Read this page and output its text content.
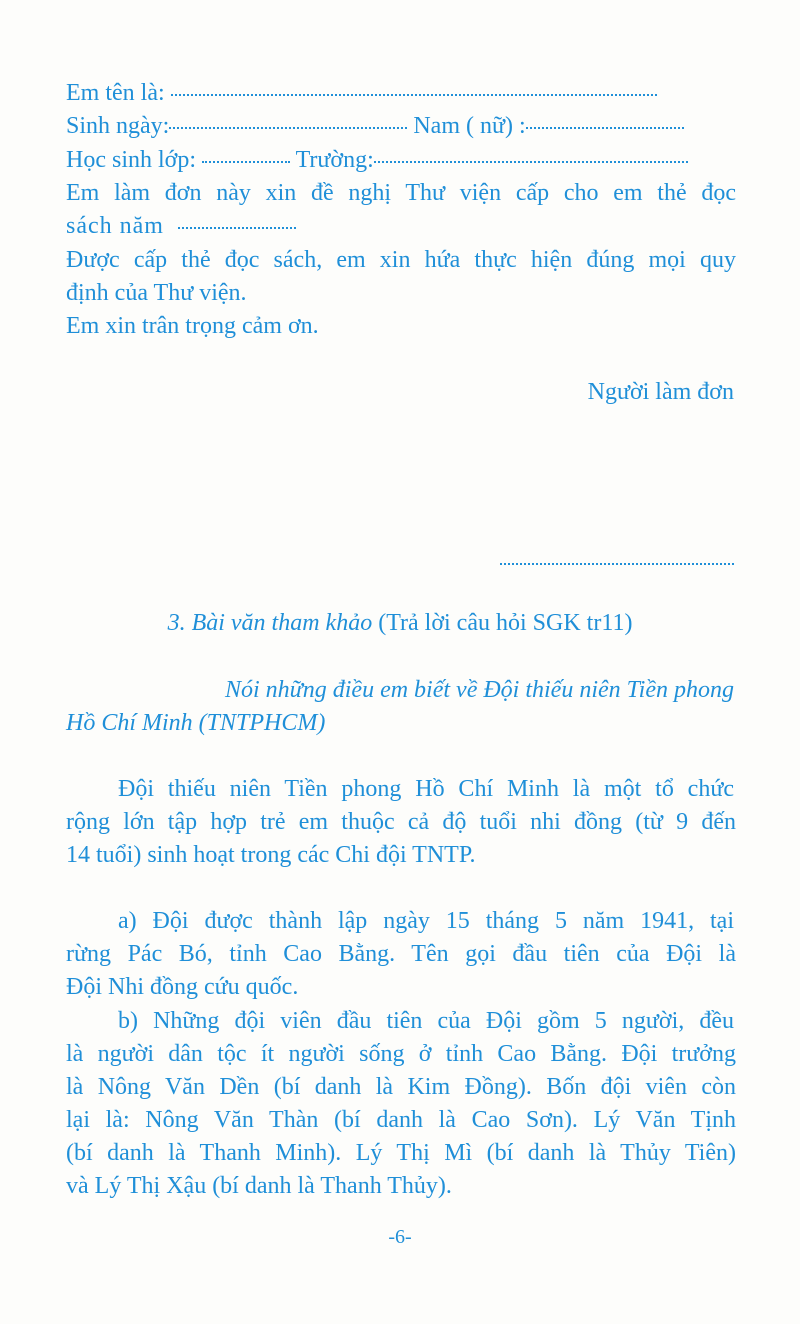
Em tên là:
Sinh ngày:	Nam ( nữ) :
Học sinh lớp:	Trường:
Em làm đơn này xin đề nghị Thư viện cấp cho em thẻ đọc
sách năm
Được cấp thẻ đọc sách, em xin hứa thực hiện đúng mọi quy
định của Thư viện.
Em xin trân trọng cảm ơn.
Người làm đơn
3. Bài văn tham khảo (Trả lời câu hỏi SGK tr11)
Nói những điều em biết về Đội thiếu niên Tiền phong
Hồ Chí Minh (TNTPHCM)
Đội thiếu niên Tiền phong Hồ Chí Minh là một tổ chức
rộng lớn tập hợp trẻ em thuộc cả độ tuổi nhi đồng (từ 9 đến
14 tuổi) sinh hoạt trong các Chi đội TNTP.
a) Đội được thành lập ngày 15 tháng 5 năm 1941, tại
rừng Pác Bó, tỉnh Cao Bằng. Tên gọi đầu tiên của Đội là
Đội Nhi đồng cứu quốc.
b) Những đội viên đầu tiên của Đội gồm 5 người, đều
là người dân tộc ít người sống ở tỉnh Cao Bằng. Đội trưởng
là Nông Văn Dền (bí danh là Kim Đồng). Bốn đội viên còn
lại là: Nông Văn Thàn (bí danh là Cao Sơn). Lý Văn Tịnh
(bí danh là Thanh Minh). Lý Thị Mì (bí danh là Thủy Tiên)
và Lý Thị Xậu (bí danh là Thanh Thủy).
-6-
